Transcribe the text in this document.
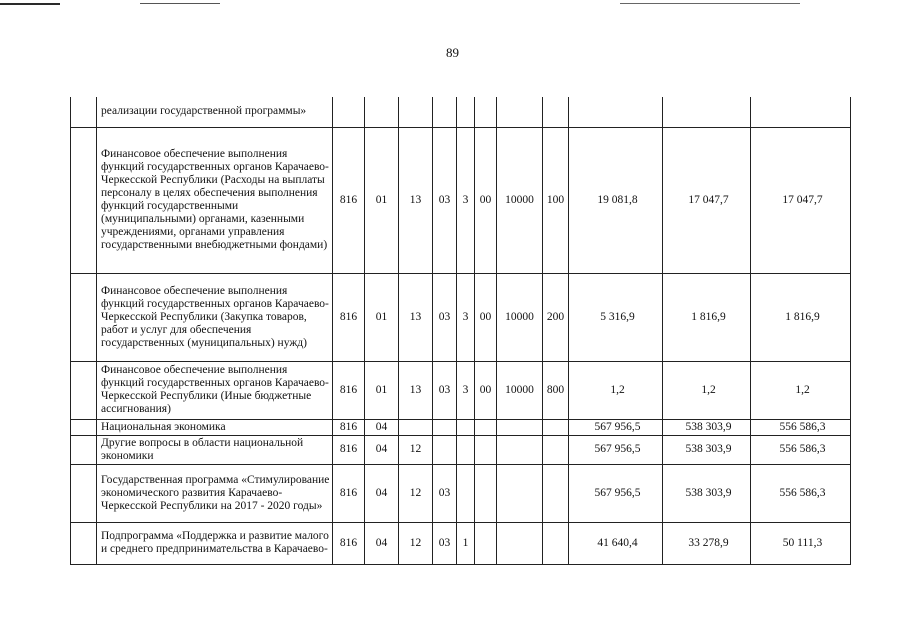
89
	реализации государственной программы»											
	Финансовое обеспечение выполнения функций государственных органов Карачаево-Черкесской Республики (Расходы на выплаты персоналу в целях обеспечения выполнения функций государственными (муниципальными) органами, казенными учреждениями, органами управления государственными внебюджетными фондами)	816	01	13	03	3	00	10000	100	19 081,8	17 047,7	17 047,7
	Финансовое обеспечение выполнения функций государственных органов Карачаево-Черкесской Республики (Закупка товаров, работ и услуг для обеспечения государственных (муниципальных) нужд)	816	01	13	03	3	00	10000	200	5 316,9	1 816,9	1 816,9
	Финансовое обеспечение выполнения функций государственных органов Карачаево-Черкесской Республики (Иные бюджетные ассигнования)	816	01	13	03	3	00	10000	800	1,2	1,2	1,2
	Национальная экономика	816	04							567 956,5	538 303,9	556 586,3
	Другие вопросы в области национальной экономики	816	04	12						567 956,5	538 303,9	556 586,3
	Государственная программа «Стимулирование экономического развития Карачаево-Черкесской Республики на 2017 - 2020 годы»	816	04	12	03					567 956,5	538 303,9	556 586,3
	Подпрограмма «Поддержка и развитие малого и среднего предпринимательства в Карачаево-	816	04	12	03	1				41 640,4	33 278,9	50 111,3
